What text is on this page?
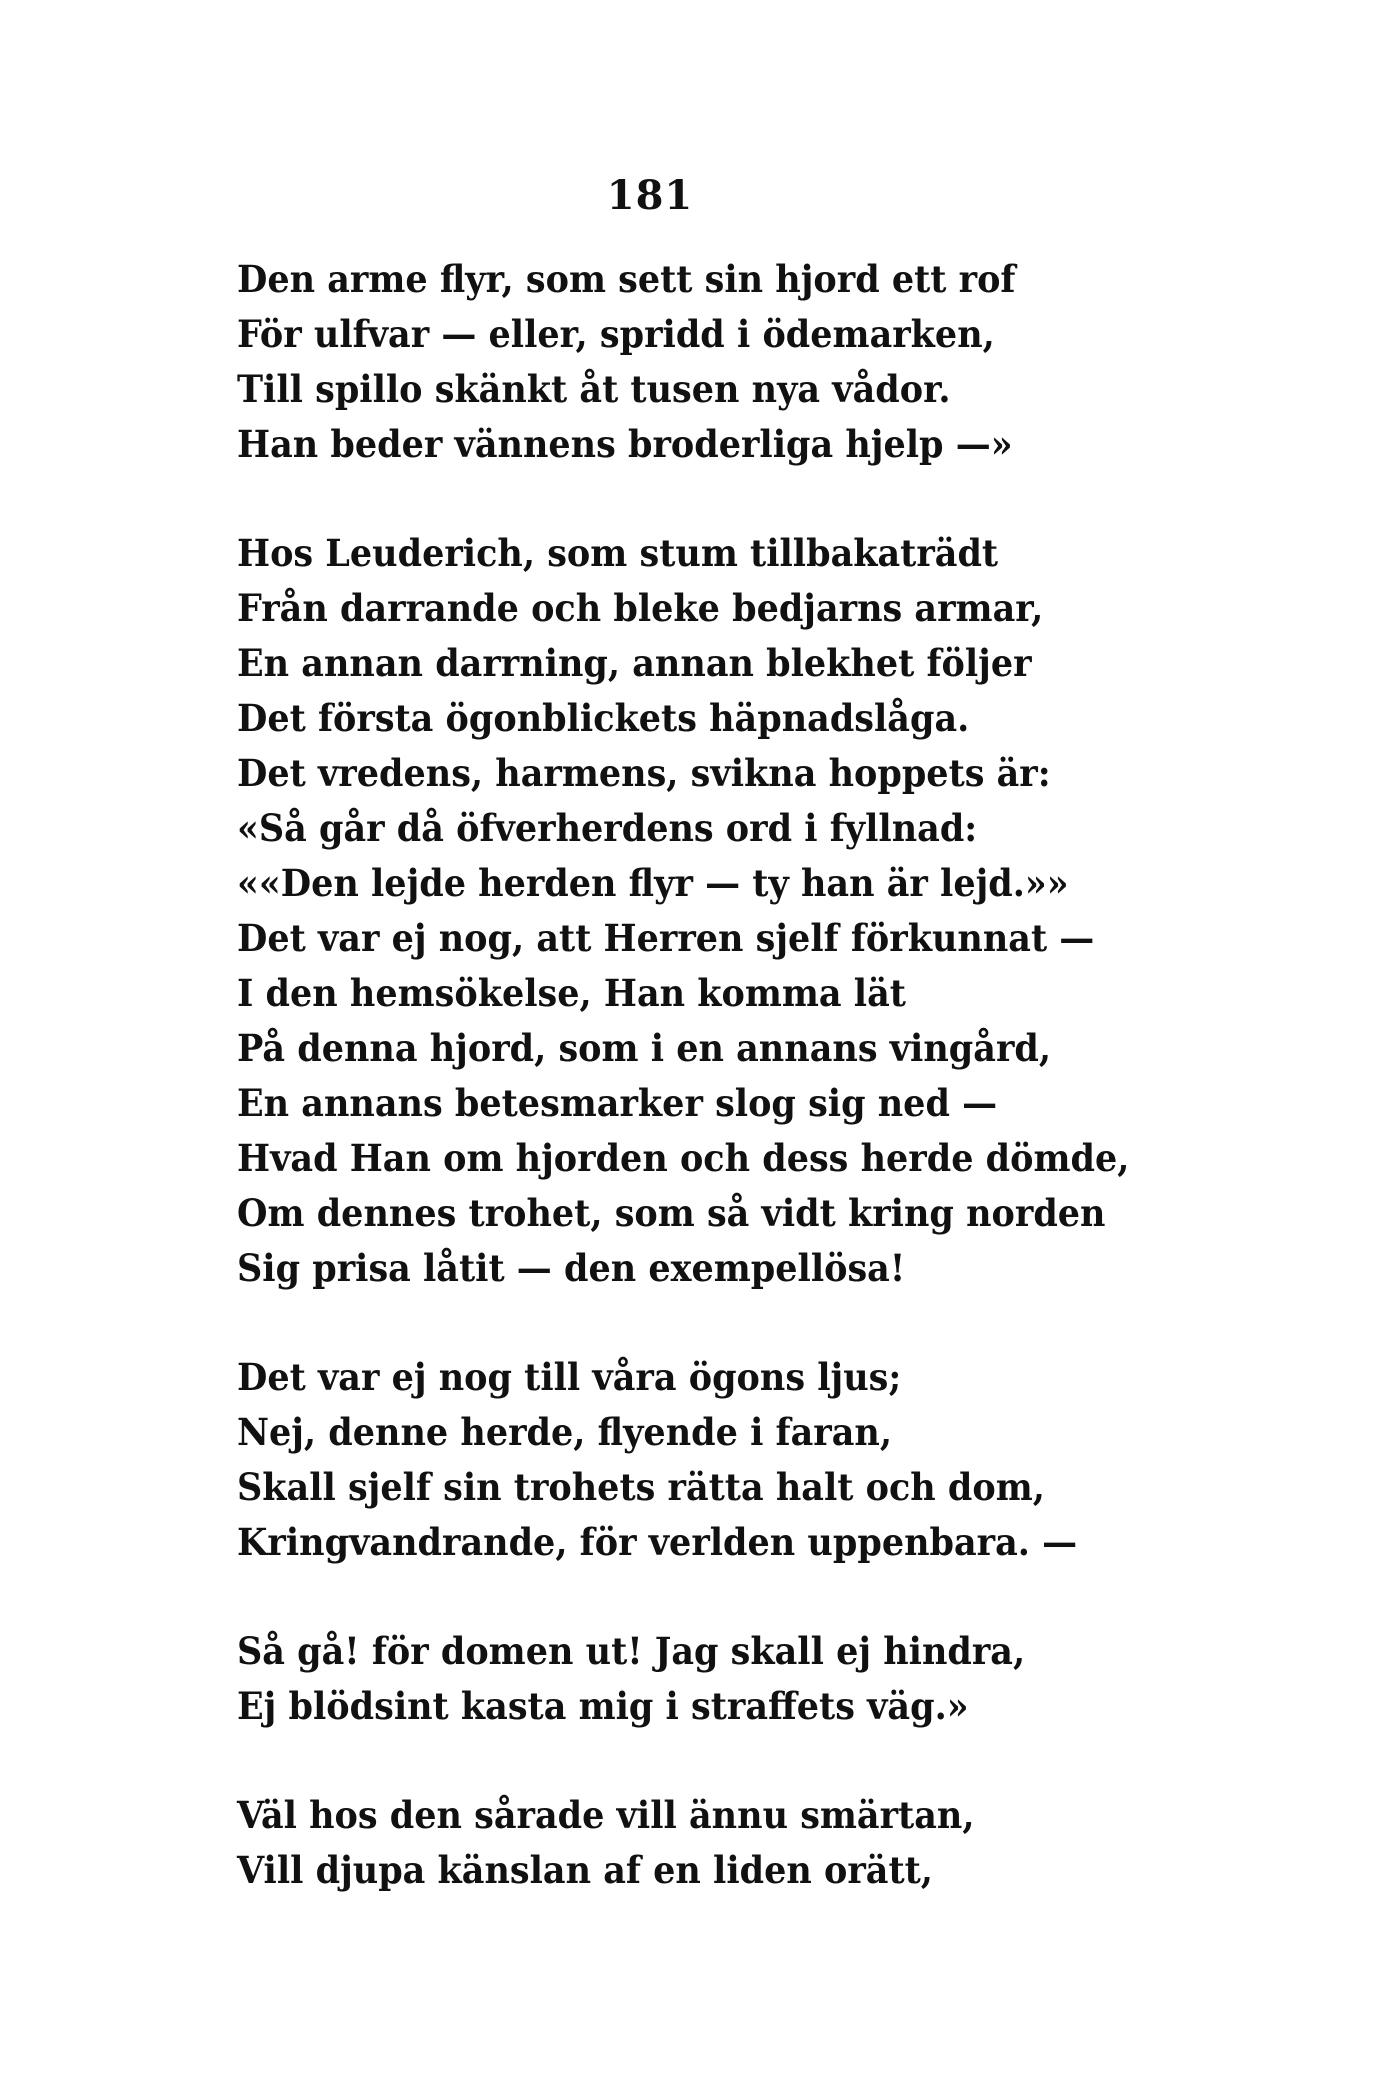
181
Den arme flyr, som sett sin hjord ett rof
För ulfvar — eller, spridd i ödemarken,
Till spillo skänkt åt tusen nya vådor.
Han beder vännens broderliga hjelp —»
Hos Leuderich, som stum tillbakaträdt
Från darrande och bleke bedjarns armar,
En annan darrning, annan blekhet följer
Det första ögonblickets häpnadslåga.
Det vredens, harmens, svikna hoppets är:
«Så går då öfverherdens ord i fyllnad:
««Den lejde herden flyr — ty han är lejd.»»
Det var ej nog, att Herren sjelf förkunnat —
I den hemsökelse, Han komma lät
På denna hjord, som i en annans vingård,
En annans betesmarker slog sig ned —
Hvad Han om hjorden och dess herde dömde,
Om dennes trohet, som så vidt kring norden
Sig prisa låtit — den exempellösa!
Det var ej nog till våra ögons ljus;
Nej, denne herde, flyende i faran,
Skall sjelf sin trohets rätta halt och dom,
Kringvandrande, för verlden uppenbara. —
Så gå! för domen ut! Jag skall ej hindra,
Ej blödsint kasta mig i straffets väg.»
Väl hos den sårade vill ännu smärtan,
Vill djupa känslan af en liden orätt,
